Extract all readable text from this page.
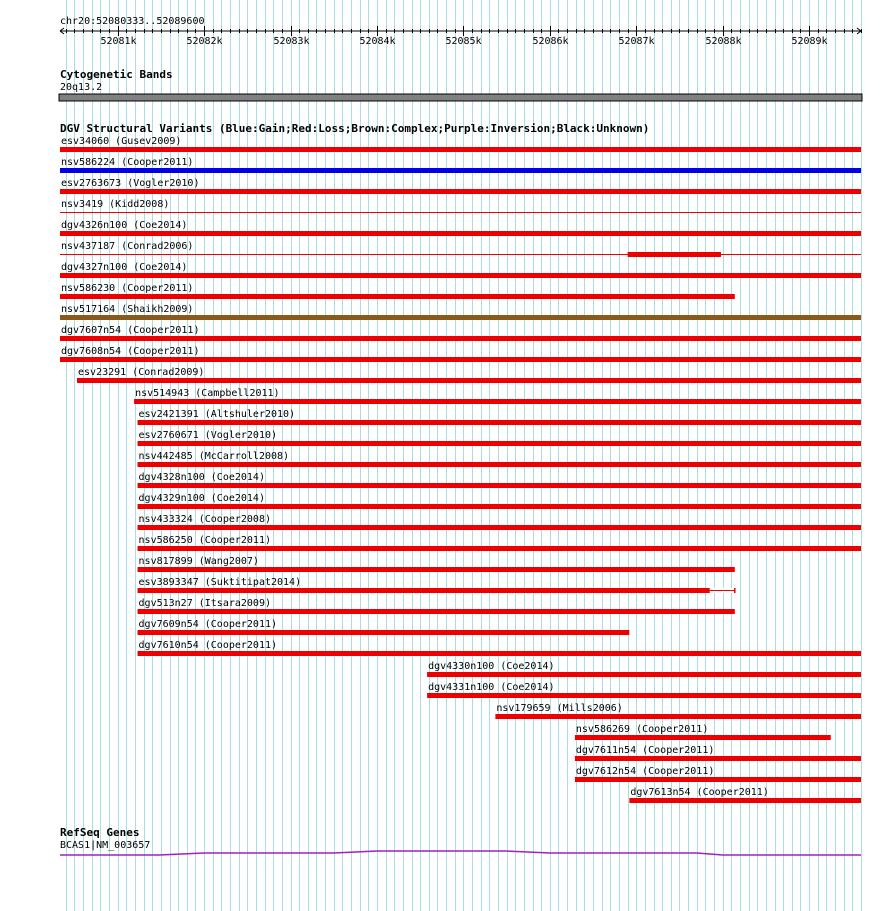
chr20:52080333..52089600
52081k	52082k	52083k	52084k	52085k	52086k	52087k	52088k	52089k
Cytogenetic Bands
20q13.2
DGV Structural Variants (Blue:Gain;Red:Loss;Brown:Complex;Purple:Inversion;Black:Unknown)
esv34060 (Gusev2009)
nsv586224 (Cooper2011)
esv2763673 (Vogler2010)
nsv3419 (Kidd2008)
dgv4326n100 (Coe2014)
nsv437187 (Conrad2006)
dgv4327n100 (Coe2014)
nsv586230 (Cooper2011)
nsv517164 (Shaikh2009)
dgv7607n54 (Cooper2011)
dgv7608n54 (Cooper2011)
esv23291 (Conrad2009)
nsv514943 (Campbell2011)
esv2421391 (Altshuler2010)
esv2760671 (Vogler2010)
nsv442485 (McCarroll2008)
dgv4328n100 (Coe2014)
dgv4329n100 (Coe2014)
nsv433324 (Cooper2008)
nsv586250 (Cooper2011)
nsv817899 (Wang2007)
esv3893347 (Suktitipat2014)
dgv513n27 (Itsara2009)
dgv7609n54 (Cooper2011)
dgv7610n54 (Cooper2011)
dgv4330n100 (Coe2014)
dgv4331n100 (Coe2014)
nsv179659 (Mills2006)
nsv586269 (Cooper2011)
dgv7611n54 (Cooper2011)
dgv7612n54 (Cooper2011)
dgv7613n54 (Cooper2011)
RefSeq Genes
BCAS1|NM_003657
